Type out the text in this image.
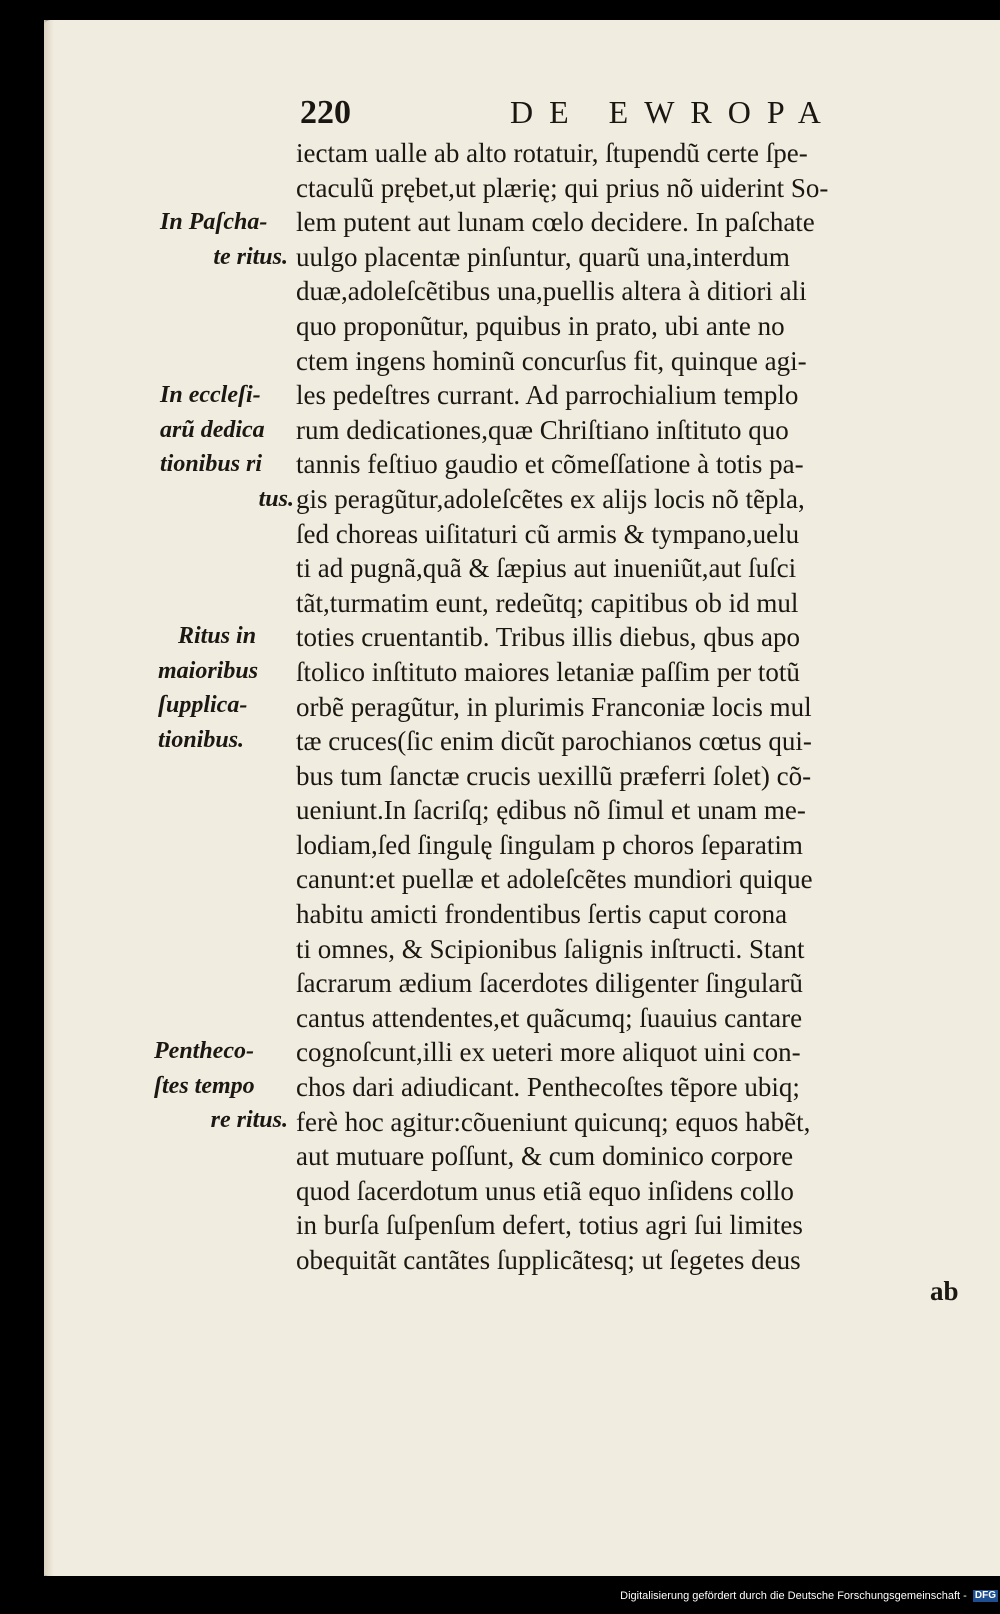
220	DE EWROPA
In Paſcha-
te ritus.
In eccleſi-
arũ dedica
tionibus ri
tus.
Ritus in
maioribus
ſupplica-
tionibus.
Pentheco-
ſtes tempo
re ritus.
iectam ualle ab alto rotatuir, ſtupendũ certe ſpe-
ctaculũ prębet,ut plærię; qui prius nõ uiderint So-
lem putent aut lunam cœlo decidere. In paſchate
uulgo placentæ pinſuntur, quarũ una,interdum
duæ,adoleſcẽtibus una,puellis altera à ditiori ali
quo proponũtur, pquibus in prato, ubi ante no
ctem ingens hominũ concurſus fit, quinque agi-
les pedeſtres currant. Ad parrochialium templo
rum dedicationes,quæ Chriſtiano inſtituto quo
tannis feſtiuo gaudio et cõmeſſatione à totis pa-
gis peragũtur,adoleſcẽtes ex alijs locis nõ tẽpla,
ſed choreas uiſitaturi cũ armis & tympano,uelu
ti ad pugnã,quã & ſæpius aut inueniũt,aut ſuſci
tãt,turmatim eunt, redeũtq; capitibus ob id mul
toties cruentantib. Tribus illis diebus, qbus apo
ſtolico inſtituto maiores letaniæ paſſim per totũ
orbẽ peragũtur, in plurimis Franconiæ locis mul
tæ cruces(ſic enim dicũt parochianos cœtus qui-
bus tum ſanctæ crucis uexillũ præferri ſolet) cõ-
ueniunt.In ſacriſq; ędibus nõ ſimul et unam me-
lodiam,ſed ſingulę ſingulam p choros ſeparatim
canunt:et puellæ et adoleſcẽtes mundiori quique
habitu amicti frondentibus ſertis caput corona
ti omnes, & Scipionibus ſalignis inſtructi. Stant
ſacrarum ædium ſacerdotes diligenter ſingularũ
cantus attendentes,et quãcumq; ſuauius cantare
cognoſcunt,illi ex ueteri more aliquot uini con-
chos dari adiudicant. Penthecoſtes tẽpore ubiq;
ferè hoc agitur:cõueniunt quicunq; equos habẽt,
aut mutuare poſſunt, & cum dominico corpore
quod ſacerdotum unus etiã equo inſidens collo
in burſa ſuſpenſum defert, totius agri ſui limites
obequitãt cantãtes ſupplicãtesq; ut ſegetes deus
ab
Digitalisierung gefördert durch die Deutsche Forschungsgemeinschaft - DFG
